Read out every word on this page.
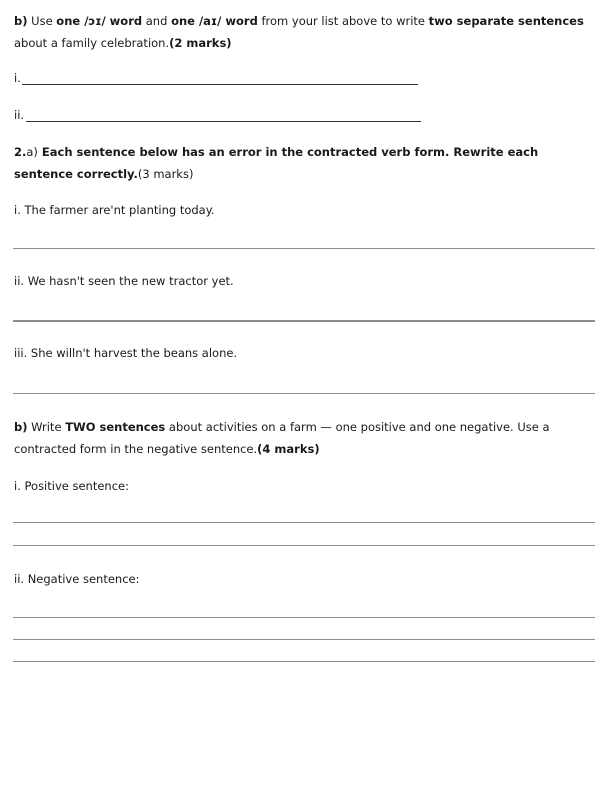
b) Use one /ɔɪ/ word and one /aɪ/ word from your list above to write two separate sentences about a family celebration.(2 marks)
i.
ii.
2.a) Each sentence below has an error in the contracted verb form. Rewrite each sentence correctly.(3 marks)
i. The farmer are'nt planting today.
ii. We hasn't seen the new tractor yet.
iii. She willn't harvest the beans alone.
b) Write TWO sentences about activities on a farm — one positive and one negative. Use a contracted form in the negative sentence.(4 marks)
i. Positive sentence:
ii. Negative sentence:
